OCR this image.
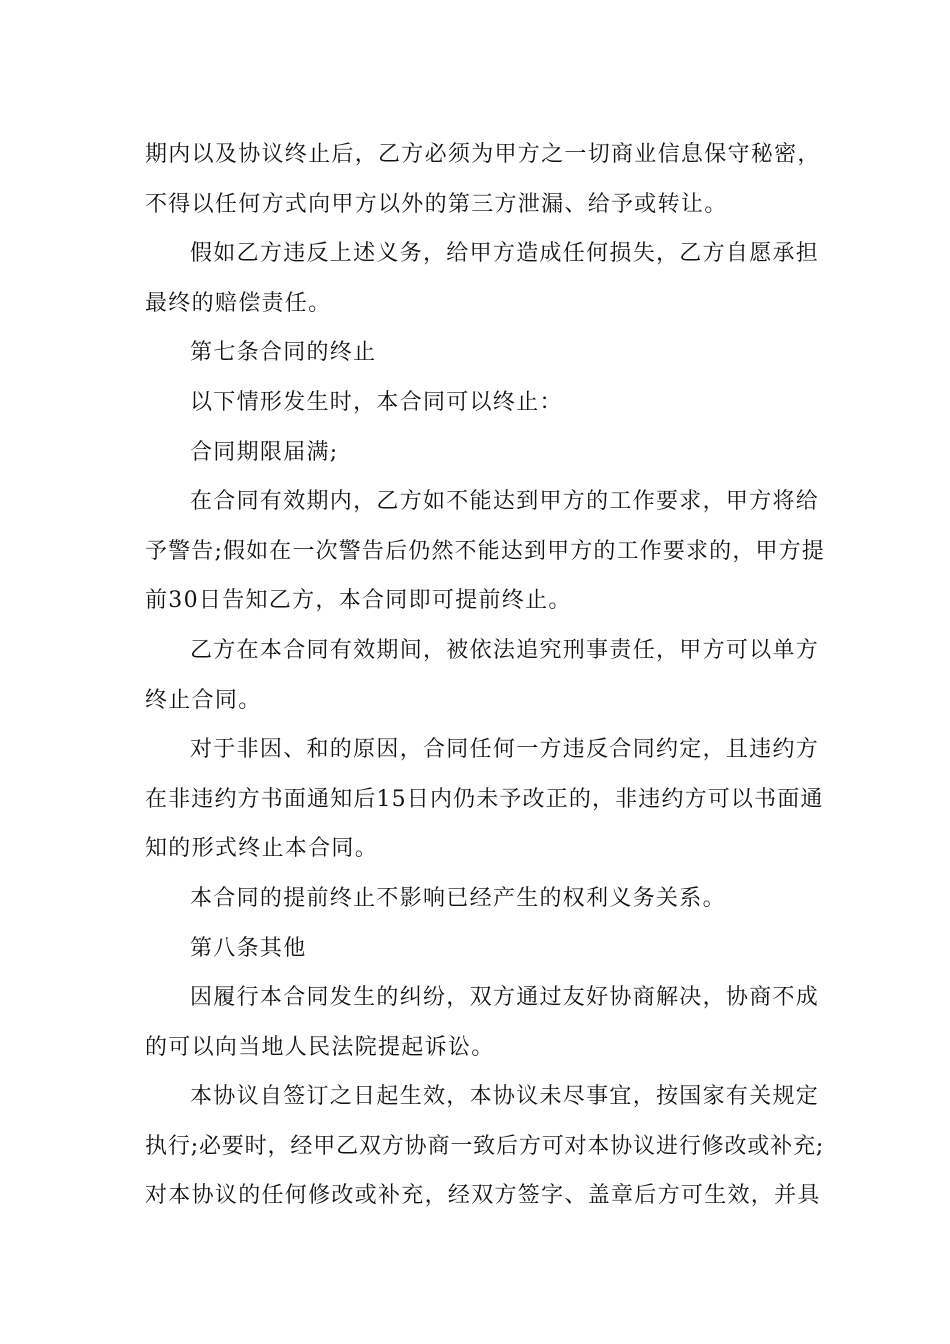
期内以及协议终止后，乙方必须为甲方之一切商业信息保守秘密，
不得以任何方式向甲方以外的第三方泄漏、给予或转让。
假如乙方违反上述义务，给甲方造成任何损失，乙方自愿承担
最终的赔偿责任。
第七条合同的终止
以下情形发生时，本合同可以终止：
合同期限届满;
在合同有效期内，乙方如不能达到甲方的工作要求，甲方将给
予警告;假如在一次警告后仍然不能达到甲方的工作要求的，甲方提
前30日告知乙方，本合同即可提前终止。
乙方在本合同有效期间，被依法追究刑事责任，甲方可以单方
终止合同。
对于非因、和的原因，合同任何一方违反合同约定，且违约方
在非违约方书面通知后15日内仍未予改正的，非违约方可以书面通
知的形式终止本合同。
本合同的提前终止不影响已经产生的权利义务关系。
第八条其他
因履行本合同发生的纠纷，双方通过友好协商解决，协商不成
的可以向当地人民法院提起诉讼。
本协议自签订之日起生效，本协议未尽事宜，按国家有关规定
执行;必要时，经甲乙双方协商一致后方可对本协议进行修改或补充;
对本协议的任何修改或补充，经双方签字、盖章后方可生效，并具
